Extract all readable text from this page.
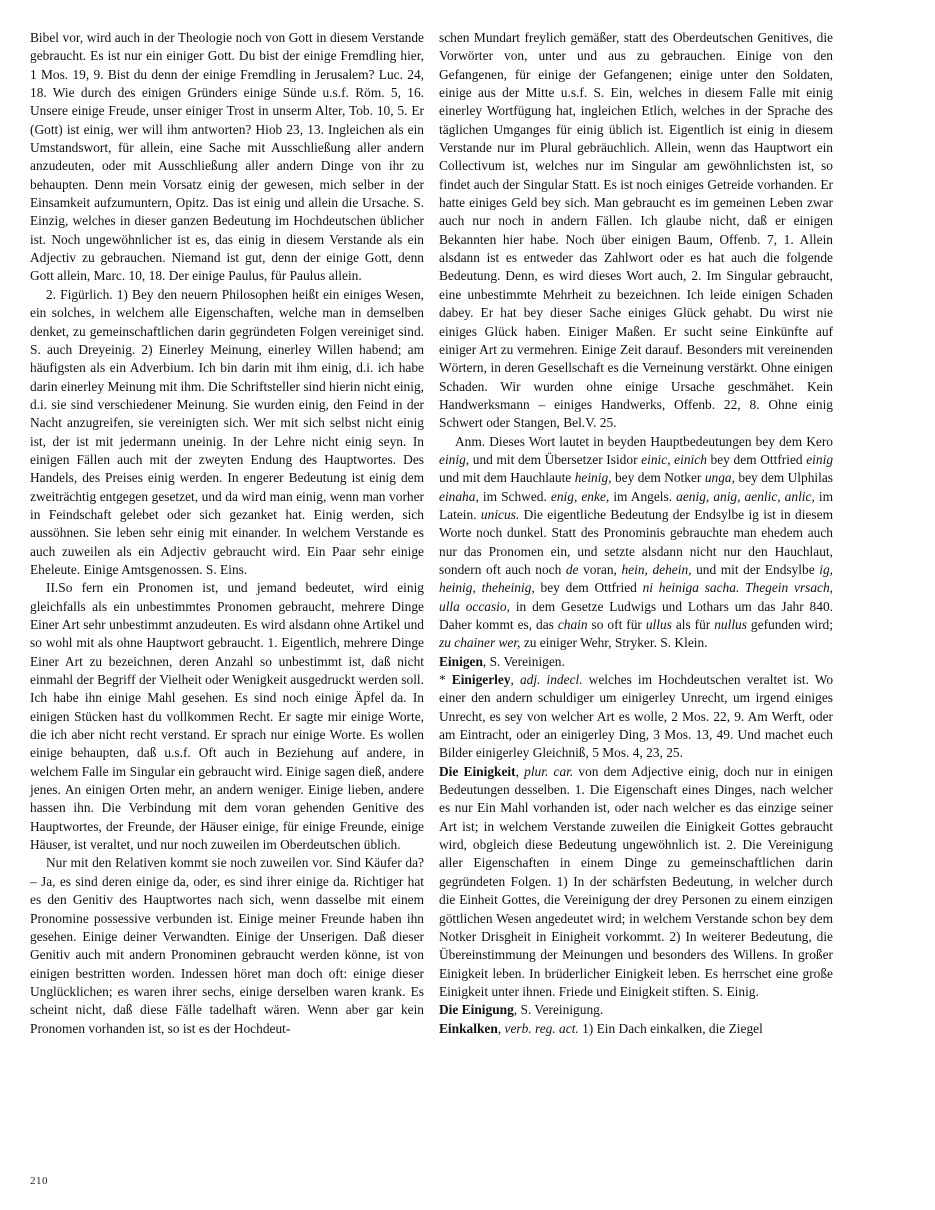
Bibel vor, wird auch in der Theologie noch von Gott in diesem Verstande gebraucht. Es ist nur ein einiger Gott. Du bist der einige Fremdling hier, 1 Mos. 19, 9. Bist du denn der einige Fremdling in Jerusalem? Luc. 24, 18. Wie durch des einigen Gründers einige Sünde u.s.f. Röm. 5, 16. Unsere einige Freude, unser einiger Trost in unserm Alter, Tob. 10, 5. Er (Gott) ist einig, wer will ihm antworten? Hiob 23, 13. Ingleichen als ein Umstandswort, für allein, eine Sache mit Ausschließung aller andern anzudeuten, oder mit Ausschließung aller andern Dinge von ihr zu behaupten. Denn mein Vorsatz einig der gewesen, mich selber in der Einsamkeit aufzumuntern, Opitz. Das ist einig und allein die Ursache. S. Einzig, welches in dieser ganzen Bedeutung im Hochdeutschen üblicher ist. Noch ungewöhnlicher ist es, das einig in diesem Verstande als ein Adjectiv zu gebrauchen. Niemand ist gut, denn der einige Gott, denn Gott allein, Marc. 10, 18. Der einige Paulus, für Paulus allein.

2. Figürlich. 1) Bey den neuern Philosophen heißt ein einiges Wesen, ein solches, in welchem alle Eigenschaften, welche man in demselben denket, zu gemeinschaftlichen darin gegründeten Folgen vereiniget sind. S. auch Dreyeinig. 2) Einerley Meinung, einerley Willen habend; am häufigsten als ein Adverbium. Ich bin darin mit ihm einig, d.i. ich habe darin einerley Meinung mit ihm. Die Schriftsteller sind hierin nicht einig, d.i. sie sind verschiedener Meinung. Sie wurden einig, den Feind in der Nacht anzugreifen, sie vereinigten sich. Wer mit sich selbst nicht einig ist, der ist mit jedermann uneinig. In der Lehre nicht einig seyn. In einigen Fällen auch mit der zweyten Endung des Hauptwortes. Des Handels, des Preises einig werden. In engerer Bedeutung ist einig dem zweiträchtig entgegen gesetzet, und da wird man einig, wenn man vorher in Feindschaft gelebet oder sich gezanket hat. Einig werden, sich aussöhnen. Sie leben sehr einig mit einander. In welchem Verstande es auch zuweilen als ein Adjectiv gebraucht wird. Ein Paar sehr einige Eheleute. Einige Amtsgenossen. S. Eins.

II.So fern ein Pronomen ist, und jemand bedeutet, wird einig gleichfalls als ein unbestimmtes Pronomen gebraucht, mehrere Dinge Einer Art sehr unbestimmt anzudeuten. Es wird alsdann ohne Artikel und so wohl mit als ohne Hauptwort gebraucht. 1. Eigentlich, mehrere Dinge Einer Art zu bezeichnen, deren Anzahl so unbestimmt ist, daß nicht einmahl der Begriff der Vielheit oder Wenigkeit ausgedruckt werden soll. Ich habe ihn einige Mahl gesehen. Es sind noch einige Äpfel da. In einigen Stücken hast du vollkommen Recht. Er sagte mir einige Worte, die ich aber nicht recht verstand. Er sprach nur einige Worte. Es wollen einige behaupten, daß u.s.f. Oft auch in Beziehung auf andere, in welchem Falle im Singular ein gebraucht wird. Einige sagen dieß, andere jenes. An einigen Orten mehr, an andern weniger. Einige lieben, andere hassen ihn. Die Verbindung mit dem voran gehenden Genitive des Hauptwortes, der Freunde, der Häuser einige, für einige Freunde, einige Häuser, ist veraltet, und nur noch zuweilen im Oberdeutschen üblich.

Nur mit den Relativen kommt sie noch zuweilen vor. Sind Käufer da? – Ja, es sind deren einige da, oder, es sind ihrer einige da. Richtiger hat es den Genitiv des Hauptwortes nach sich, wenn dasselbe mit einem Pronomine possessive verbunden ist. Einige meiner Freunde haben ihn gesehen. Einige deiner Verwandten. Einige der Unserigen. Daß dieser Genitiv auch mit andern Pronominen gebraucht werden könne, ist von einigen bestritten worden. Indessen höret man doch oft: einige dieser Unglücklichen; es waren ihrer sechs, einige derselben waren krank. Es scheint nicht, daß diese Fälle tadelhaft wären. Wenn aber gar kein Pronomen vorhanden ist, so ist es der Hochdeut-

schen Mundart freylich gemäßer, statt des Oberdeutschen Genitives, die Vorwörter von, unter und aus zu gebrauchen. Einige von den Gefangenen, für einige der Gefangenen; einige unter den Soldaten, einige aus der Mitte u.s.f. S. Ein, welches in diesem Falle mit einig einerley Wortfügung hat, ingleichen Etlich, welches in der Sprache des täglichen Umganges für einig üblich ist. Eigentlich ist einig in diesem Verstande nur im Plural gebräuchlich. Allein, wenn das Hauptwort ein Collectivum ist, welches nur im Singular am gewöhnlichsten ist, so findet auch der Singular Statt. Es ist noch einiges Getreide vorhanden. Er hatte einiges Geld bey sich. Man gebraucht es im gemeinen Leben zwar auch nur noch in andern Fällen. Ich glaube nicht, daß er einigen Bekannten hier habe. Noch über einigen Baum, Offenb. 7, 1. Allein alsdann ist es entweder das Zahlwort oder es hat auch die folgende Bedeutung. Denn, es wird dieses Wort auch, 2. Im Singular gebraucht, eine unbestimmte Mehrheit zu bezeichnen. Ich leide einigen Schaden dabey. Er hat bey dieser Sache einiges Glück gehabt. Du wirst nie einiges Glück haben. Einiger Maßen. Er sucht seine Einkünfte auf einiger Art zu vermehren. Einige Zeit darauf. Besonders mit vereinenden Wörtern, in deren Gesellschaft es die Verneinung verstärkt. Ohne einigen Schaden. Wir wurden ohne einige Ursache geschmähet. Kein Handwerksmann – einiges Handwerks, Offenb. 22, 8. Ohne einig Schwert oder Stangen, Bel.V. 25.

Anm. Dieses Wort lautet in beyden Hauptbedeutungen bey dem Kero einig, und mit dem Übersetzer Isidor einic, einich bey dem Ottfried einig und mit dem Hauchlaute heinig, bey dem Notker unga, bey dem Ulphilas einaha, im Schwed. enig, enke, im Angels. aenig, anig, aenlic, anlic, im Latein. unicus. Die eigentliche Bedeutung der Endsylbe ig ist in diesem Worte noch dunkel. Statt des Pronominis gebrauchte man ehedem auch nur das Pronomen ein, und setzte alsdann nicht nur den Hauchlaut, sondern oft auch noch de voran, hein, dehein, und mit der Endsylbe ig, heinig, theheinig, bey dem Ottfried ni heiniga sacha. Thegein vrsach, ulla occasio, in dem Gesetze Ludwigs und Lothars um das Jahr 840. Daher kommt es, das chain so oft für ullus als für nullus gefunden wird; zu chainer wer, zu einiger Wehr, Stryker. S. Klein.

Einigen, S. Vereinigen.

* Einigerley, adj. indecl. welches im Hochdeutschen veraltet ist. Wo einer den andern schuldiger um einigerley Unrecht, um irgend einiges Unrecht, es sey von welcher Art es wolle, 2 Mos. 22, 9. Am Werft, oder am Eintracht, oder an einigerley Ding, 3 Mos. 13, 49. Und machet euch Bilder einigerley Gleichniß, 5 Mos. 4, 23, 25.

Die Einigkeit, plur. car. von dem Adjective einig, doch nur in einigen Bedeutungen desselben. 1. Die Eigenschaft eines Dinges, nach welcher es nur Ein Mahl vorhanden ist, oder nach welcher es das einzige seiner Art ist; in welchem Verstande zuweilen die Einigkeit Gottes gebraucht wird, obgleich diese Bedeutung ungewöhnlich ist. 2. Die Vereinigung aller Eigenschaften in einem Dinge zu gemeinschaftlichen darin gegründeten Folgen. 1) In der schärfsten Bedeutung, in welcher durch die Einheit Gottes, die Vereinigung der drey Personen zu einem einzigen göttlichen Wesen angedeutet wird; in welchem Verstande schon bey dem Notker Drisgheit in Einigheit vorkommt. 2) In weiterer Bedeutung, die Übereinstimmung der Meinungen und besonders des Willens. In großer Einigkeit leben. In brüderlicher Einigkeit leben. Es herrschet eine große Einigkeit unter ihnen. Friede und Einigkeit stiften. S. Einig.

Die Einigung, S. Vereinigung.

Einkalken, verb. reg. act. 1) Ein Dach einkalken, die Ziegel

210
